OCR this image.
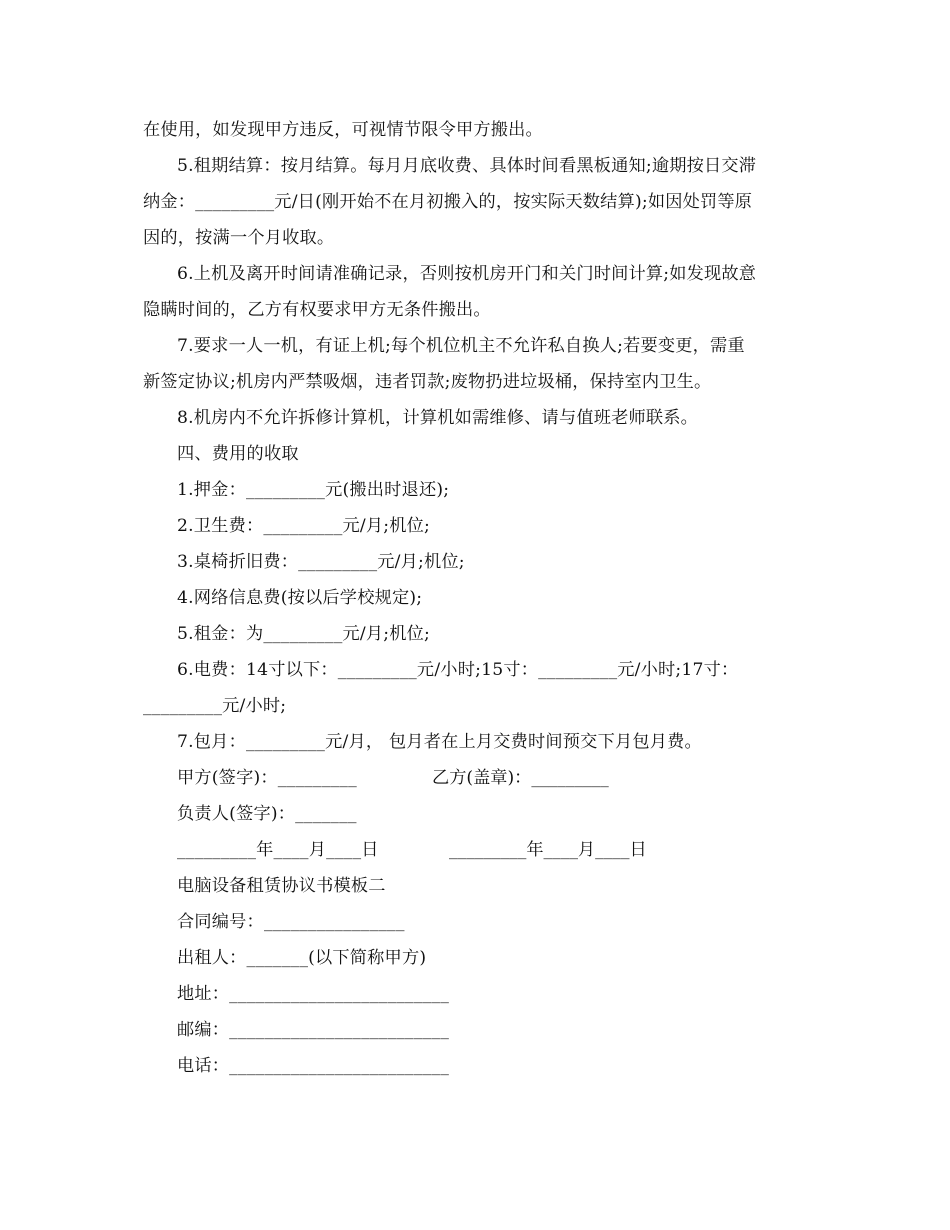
在使用，如发现甲方违反，可视情节限令甲方搬出。
5.租期结算：按月结算。每月月底收费、具体时间看黑板通知;逾期按日交滞
纳金：_________元/日(刚开始不在月初搬入的，按实际天数结算);如因处罚等原
因的，按满一个月收取。
6.上机及离开时间请准确记录，否则按机房开门和关门时间计算;如发现故意
隐瞒时间的，乙方有权要求甲方无条件搬出。
7.要求一人一机，有证上机;每个机位机主不允许私自换人;若要变更，需重
新签定协议;机房内严禁吸烟，违者罚款;废物扔进垃圾桶，保持室内卫生。
8.机房内不允许拆修计算机，计算机如需维修、请与值班老师联系。
四、费用的收取
1.押金：_________元(搬出时退还);
2.卫生费：_________元/月;机位;
3.桌椅折旧费：_________元/月;机位;
4.网络信息费(按以后学校规定);
5.租金：为_________元/月;机位;
6.电费：14寸以下：_________元/小时;15寸：_________元/小时;17寸：
_________元/小时;
7.包月：_________元/月， 包月者在上月交费时间预交下月包月费。
甲方(签字)：_________	乙方(盖章)：_________
负责人(签字)：_______
_________年____月____日	_________年____月____日
电脑设备租赁协议书模板二
合同编号：________________
出租人：_______(以下简称甲方)
地址：_________________________
邮编：_________________________
电话：_________________________
